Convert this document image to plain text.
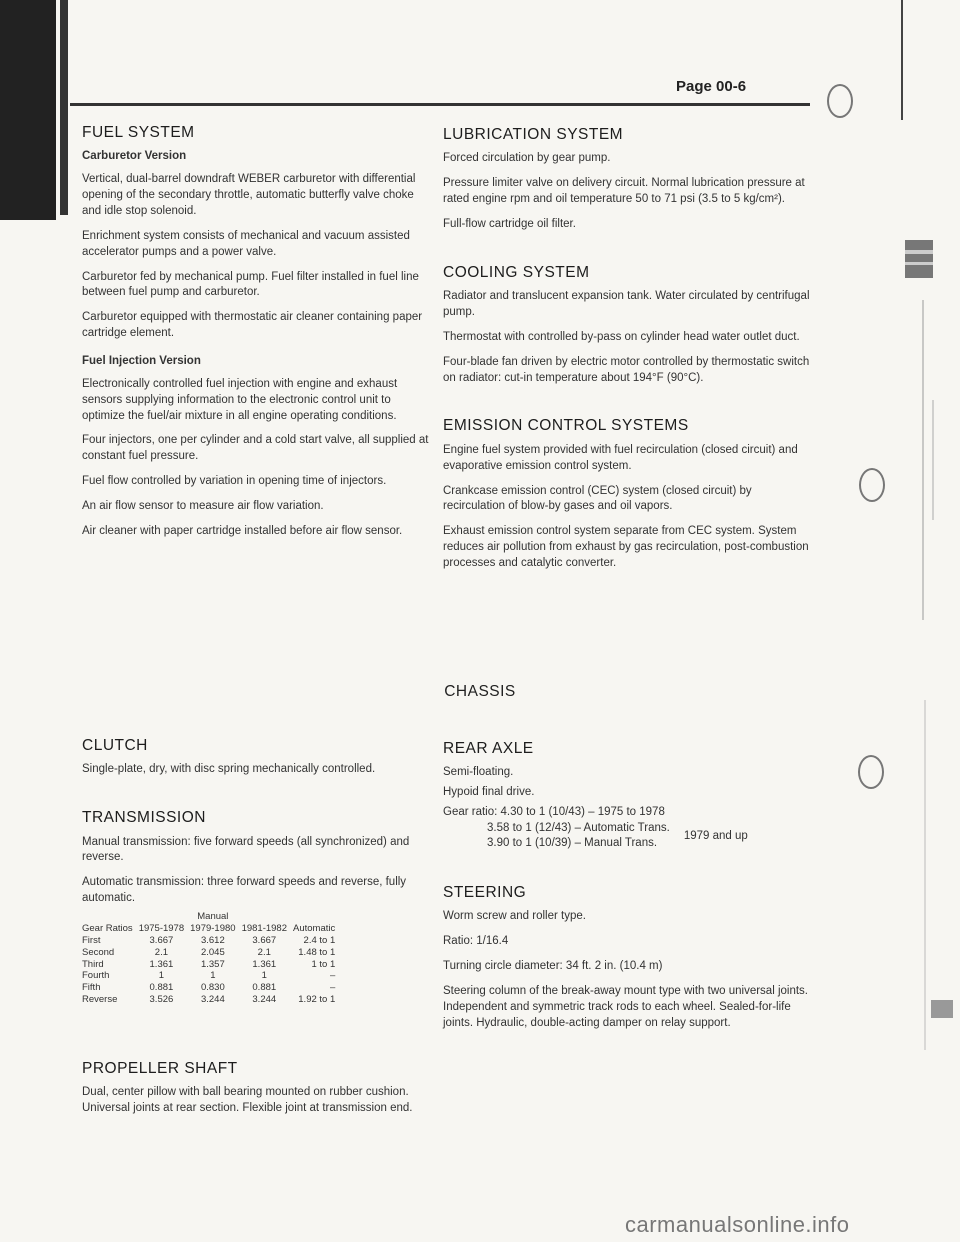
Page 00-6
FUEL SYSTEM
Carburetor Version

Vertical, dual-barrel downdraft WEBER carburetor with differential opening of the secondary throttle, automatic butterfly valve choke and idle stop solenoid.

Enrichment system consists of mechanical and vacuum assisted accelerator pumps and a power valve.

Carburetor fed by mechanical pump. Fuel filter installed in fuel line between fuel pump and carburetor.

Carburetor equipped with thermostatic air cleaner containing paper cartridge element.

Fuel Injection Version

Electronically controlled fuel injection with engine and exhaust sensors supplying information to the electronic control unit to optimize the fuel/air mixture in all engine operating conditions.

Four injectors, one per cylinder and a cold start valve, all supplied at constant fuel pressure.

Fuel flow controlled by variation in opening time of injectors.

An air flow sensor to measure air flow variation.

Air cleaner with paper cartridge installed before air flow sensor.

LUBRICATION SYSTEM

Forced circulation by gear pump.

Pressure limiter valve on delivery circuit. Normal lubrication pressure at rated engine rpm and oil temperature 50 to 71 psi (3.5 to 5 kg/cm²).

Full-flow cartridge oil filter.

COOLING SYSTEM

Radiator and translucent expansion tank. Water circulated by centrifugal pump.

Thermostat with controlled by-pass on cylinder head water outlet duct.

Four-blade fan driven by electric motor controlled by thermostatic switch on radiator: cut-in temperature about 194°F (90°C).

EMISSION CONTROL SYSTEMS

Engine fuel system provided with fuel recirculation (closed circuit) and evaporative emission control system.

Crankcase emission control (CEC) system (closed circuit) by recirculation of blow-by gases and oil vapors.

Exhaust emission control system separate from CEC system. System reduces air pollution from exhaust by gas recirculation, post-combustion processes and catalytic converter.

CHASSIS
CLUTCH

Single-plate, dry, with disc spring mechanically controlled.

TRANSMISSION

Manual transmission: five forward speeds (all synchronized) and reverse.

Automatic transmission: three forward speeds and reverse, fully automatic.

		Manual		
Gear Ratios	1975-1978	1979-1980	1981-1982	Automatic
First	3.667	3.612	3.667	2.4 to 1
Second	2.1	2.045	2.1	1.48 to 1
Third	1.361	1.357	1.361	1 to 1
Fourth	1	1	1	–
Fifth	0.881	0.830	0.881	–
Reverse	3.526	3.244	3.244	1.92 to 1
PROPELLER SHAFT

Dual, center pillow with ball bearing mounted on rubber cushion. Universal joints at rear section. Flexible joint at transmission end.

REAR AXLE

Semi-floating.

Hypoid final drive.

Gear ratio: 4.30 to 1 (10/43) – 1975 to 1978

3.58 to 1 (12/43) – Automatic Trans.
3.90 to 1 (10/39) – Manual Trans.
1979 and up
STEERING

Worm screw and roller type.

Ratio: 1/16.4

Turning circle diameter: 34 ft. 2 in. (10.4 m)

Steering column of the break-away mount type with two universal joints. Independent and symmetric track rods to each wheel. Sealed-for-life joints. Hydraulic, double-acting damper on relay support.

carmanualsonline.info
